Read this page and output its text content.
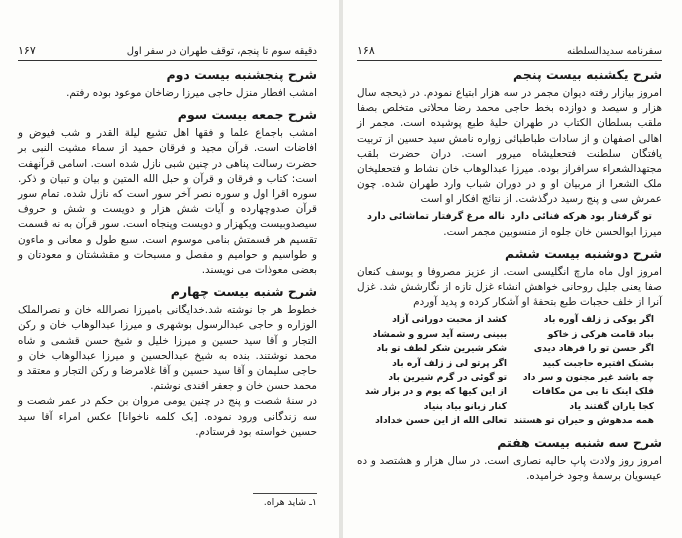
۱۶۷	دقیقه سوم تا پنجم، توقف طهران در سفر اول
شرح پنجشنبه بیست دوم

امشب افطار منزل حاجی میرزا رضاخان موعود بوده رفتم.

شرح جمعه بیست سوم

امشب باجماع علما و فقها اهل تشیع لیلة القدر و شب فیوض و افاضات است. قرآن مجید و فرقان حمید از سماء مشیت النبی بر حضرت رسالت پناهی در چنین شبی نازل شده است. اسامی قرآنهفت است: کتاب و فرقان و قرآن و حبل الله المتین و بیان و تبیان و ذکر. سوره اقرا اول و سوره نصر آخر سور است که نازل شده. تمام سور قرآن صدوچهارده و آیات شش هزار و دویست و شش و حروف سیصدوبیست ویکهزار و دویست وپنجاه است. سور قرآن به نه قسمت تقسیم هر قسمتش بنامی موسوم است. سبع طول و معانی و ماءون و طواسیم و حوامیم و مفصل و مسبحات و مقششتان و معودتان و بعضی معوذات می نویسند.

شرح شنبه بیست چهارم

خطوط هر جا نوشته شد.خدایگانی بامیرزا نصرالله خان و نصرالملک الوزاره و حاجی عبدالرسول بوشهری و میرزا عبدالوهاب خان و رکن التجار و آقا سید حسین و میرزا خلیل و شیخ حسن قشمی و شاه محمد نوشتند. بنده به شیخ عبدالحسین و میرزا عبدالوهاب خان و حاجی سلیمان و آقا سید حسین و آقا غلامرضا و رکن التجار و معتقد و محمد حسن خان و جعفر افندی نوشتم.

در سنهٔ شصت و پنج در چنین یومی مروان بن حکم در عمر شصت و سه زندگانی ورود نموده. [بک کلمه ناخوانا] عکس امراء آقا سید حسین خواسته بود فرستادم.

۱ـ شاید هراه.
۱۶۸	سفرنامه سدیدالسلطنه
شرح یکشنبه بیست پنجم

امروز بیازار رفته دیوان مجمر در سه هزار ابتیاع نمودم. در ذیحجه سال هزار و سیصد و دوازده بخط حاجی محمد رضا محلاتی متخلص بصفا ملقب بسلطان الکتاب در طهران حلیهٔ طبع پوشیده است. مجمر از اهالی اصفهان و از سادات طباطبائی زواره نامش سید حسین از تربیت یافتگان سلطنت فتحعلیشاه میرور است. دران حضرت بلقب مجتهدالشعراء سرافراز بوده. میرزا عبدالوهاب خان نشاط و فتحعلیخان ملک الشعرا از مربیان او و در دوران شباب وارد طهران شده. چون عمرش سی و پنج رسید درگذشت. از نتائج افکار او است

تو گرفتار بود هرکه فنائی دارد
ناله مرغ گرفتار تماشائی دارد

میرزا ابوالحسن خان جلوه از منسوبین مجمر است.

شرح دوشنبه بیست ششم

امروز اول ماه مارچ انگلیسی است. از عزیز مصروفا و یوسف کنعان صفا یعنی جلیل روحانی خواهش انشاء غزل تازه از نگارشش شد. غزل آنرا از خلف حجبات طبع بتحفهٔ او آشکار کرده و پدید آوردم

اگر یوکی ز زلف آوره باد
بباد قامت هرکی ز خاکو
اگر حسن تو را فرهاد دیدی
بشنک افتیره حاجبت کبید
چه باشد غیر مجنون و سر داد
فلک اینک تا بی من مکافات
کجا یاران گفتند یاد
همه مدهوش و حیران تو هستند
کشد از محبت دورانی آزاد
ببینی رسته آید سرو و شمشاد
شکر شیرین شکر لطف تو باد
اگر پرتو لی ز زلف آره باد
تو گوئی در گرم شیرین باد
از این کیها که یوم و در بزار شد
کنار زبانو بیاد بنیاد
تعالی الله از این حسن خداداد
شرح سه شنبه بیست هفتم

امروز روز ولادت پاپ حالیه نصاری است. در سال هزار و هشتصد و ده عیسویان برسمهٔ وجود خرامیده.
